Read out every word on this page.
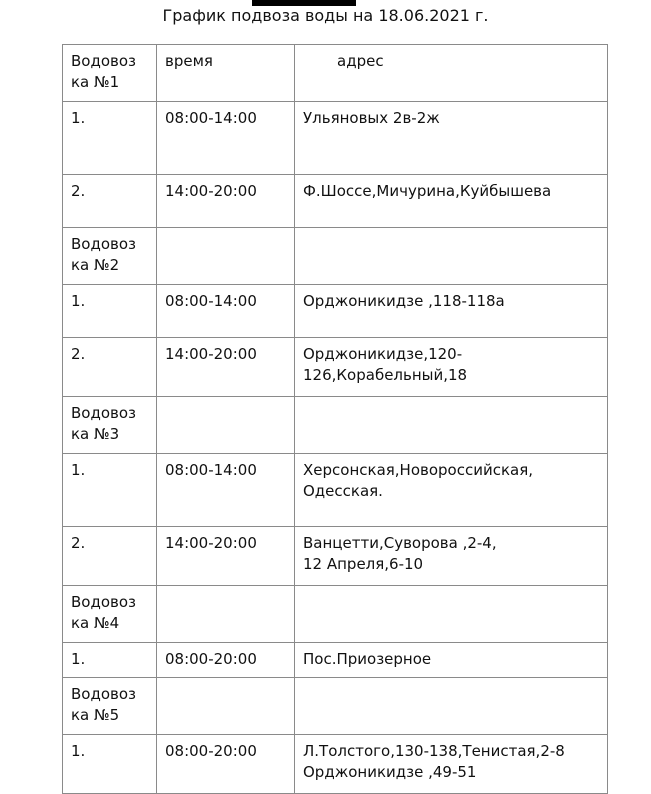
График подвоза воды на 18.06.2021 г.
Водовоз
ка №1	время	адрес
1.	08:00-14:00	Ульяновых 2в-2ж
2.	14:00-20:00	Ф.Шоссе,Мичурина,Куйбышева

Водовоз
ка №2		

1.	08:00-14:00	Орджоникидзе ,118-118а
2.	14:00-20:00	Орджоникидзе,120-
126,Корабельный,18

Водовоз
ка №3		

1.	08:00-14:00	Херсонская,Новороссийская,
Одесская.

2.	14:00-20:00	Ванцетти,Суворова ,2-4,
12 Апреля,6-10

Водовоз
ка №4		

1.	08:00-20:00	Пос.Приозерное

Водовоз
ка №5		

1.	08:00-20:00	Л.Толстого,130-138,Тенистая,2-8
Орджоникидзе ,49-51
